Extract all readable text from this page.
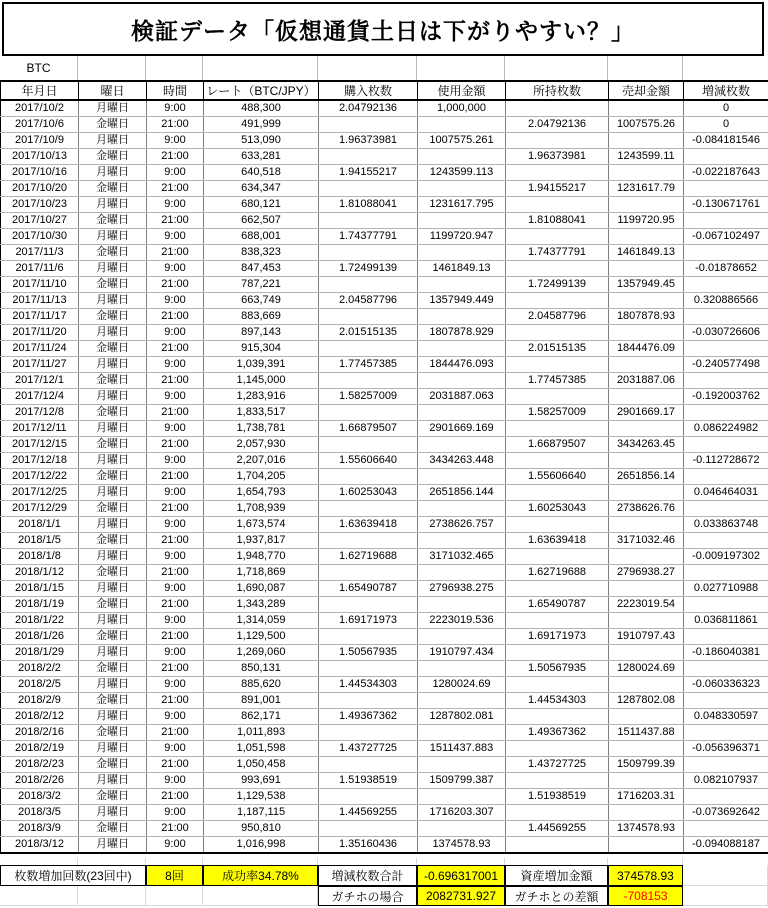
検証データ「仮想通貨土日は下がりやすい？」
BTC
年月日	曜日	時間	レート（BTC/JPY）	購入枚数	使用金額	所持枚数	売却金額	増減枚数
2017/10/2	月曜日	9:00	488,300	2.04792136	1,000,000			0
2017/10/6	金曜日	21:00	491,999			2.04792136	1007575.26	0
2017/10/9	月曜日	9:00	513,090	1.96373981	1007575.261			-0.084181546
2017/10/13	金曜日	21:00	633,281			1.96373981	1243599.11	
2017/10/16	月曜日	9:00	640,518	1.94155217	1243599.113			-0.022187643
2017/10/20	金曜日	21:00	634,347			1.94155217	1231617.79	
2017/10/23	月曜日	9:00	680,121	1.81088041	1231617.795			-0.130671761
2017/10/27	金曜日	21:00	662,507			1.81088041	1199720.95	
2017/10/30	月曜日	9:00	688,001	1.74377791	1199720.947			-0.067102497
2017/11/3	金曜日	21:00	838,323			1.74377791	1461849.13	
2017/11/6	月曜日	9:00	847,453	1.72499139	1461849.13			-0.01878652
2017/11/10	金曜日	21:00	787,221			1.72499139	1357949.45	
2017/11/13	月曜日	9:00	663,749	2.04587796	1357949.449			0.320886566
2017/11/17	金曜日	21:00	883,669			2.04587796	1807878.93	
2017/11/20	月曜日	9:00	897,143	2.01515135	1807878.929			-0.030726606
2017/11/24	金曜日	21:00	915,304			2.01515135	1844476.09	
2017/11/27	月曜日	9:00	1,039,391	1.77457385	1844476.093			-0.240577498
2017/12/1	金曜日	21:00	1,145,000			1.77457385	2031887.06	
2017/12/4	月曜日	9:00	1,283,916	1.58257009	2031887.063			-0.192003762
2017/12/8	金曜日	21:00	1,833,517			1.58257009	2901669.17	
2017/12/11	月曜日	9:00	1,738,781	1.66879507	2901669.169			0.086224982
2017/12/15	金曜日	21:00	2,057,930			1.66879507	3434263.45	
2017/12/18	月曜日	9:00	2,207,016	1.55606640	3434263.448			-0.112728672
2017/12/22	金曜日	21:00	1,704,205			1.55606640	2651856.14	
2017/12/25	月曜日	9:00	1,654,793	1.60253043	2651856.144			0.046464031
2017/12/29	金曜日	21:00	1,708,939			1.60253043	2738626.76	
2018/1/1	月曜日	9:00	1,673,574	1.63639418	2738626.757			0.033863748
2018/1/5	金曜日	21:00	1,937,817			1.63639418	3171032.46	
2018/1/8	月曜日	9:00	1,948,770	1.62719688	3171032.465			-0.009197302
2018/1/12	金曜日	21:00	1,718,869			1.62719688	2796938.27	
2018/1/15	月曜日	9:00	1,690,087	1.65490787	2796938.275			0.027710988
2018/1/19	金曜日	21:00	1,343,289			1.65490787	2223019.54	
2018/1/22	月曜日	9:00	1,314,059	1.69171973	2223019.536			0.036811861
2018/1/26	金曜日	21:00	1,129,500			1.69171973	1910797.43	
2018/1/29	月曜日	9:00	1,269,060	1.50567935	1910797.434			-0.186040381
2018/2/2	金曜日	21:00	850,131			1.50567935	1280024.69	
2018/2/5	月曜日	9:00	885,620	1.44534303	1280024.69			-0.060336323
2018/2/9	金曜日	21:00	891,001			1.44534303	1287802.08	
2018/2/12	月曜日	9:00	862,171	1.49367362	1287802.081			0.048330597
2018/2/16	金曜日	21:00	1,011,893			1.49367362	1511437.88	
2018/2/19	月曜日	9:00	1,051,598	1.43727725	1511437.883			-0.056396371
2018/2/23	金曜日	21:00	1,050,458			1.43727725	1509799.39	
2018/2/26	月曜日	9:00	993,691	1.51938519	1509799.387			0.082107937
2018/3/2	金曜日	21:00	1,129,538			1.51938519	1716203.31	
2018/3/5	月曜日	9:00	1,187,115	1.44569255	1716203.307			-0.073692642
2018/3/9	金曜日	21:00	950,810			1.44569255	1374578.93	
2018/3/12	月曜日	9:00	1,016,998	1.35160436	1374578.93			-0.094088187
枚数増加回数(23回中)	8回	成功率34.78%	増減枚数合計	-0.696317001	資産増加金額	374578.93
ガチホの場合	2082731.927	ガチホとの差額	-708153
